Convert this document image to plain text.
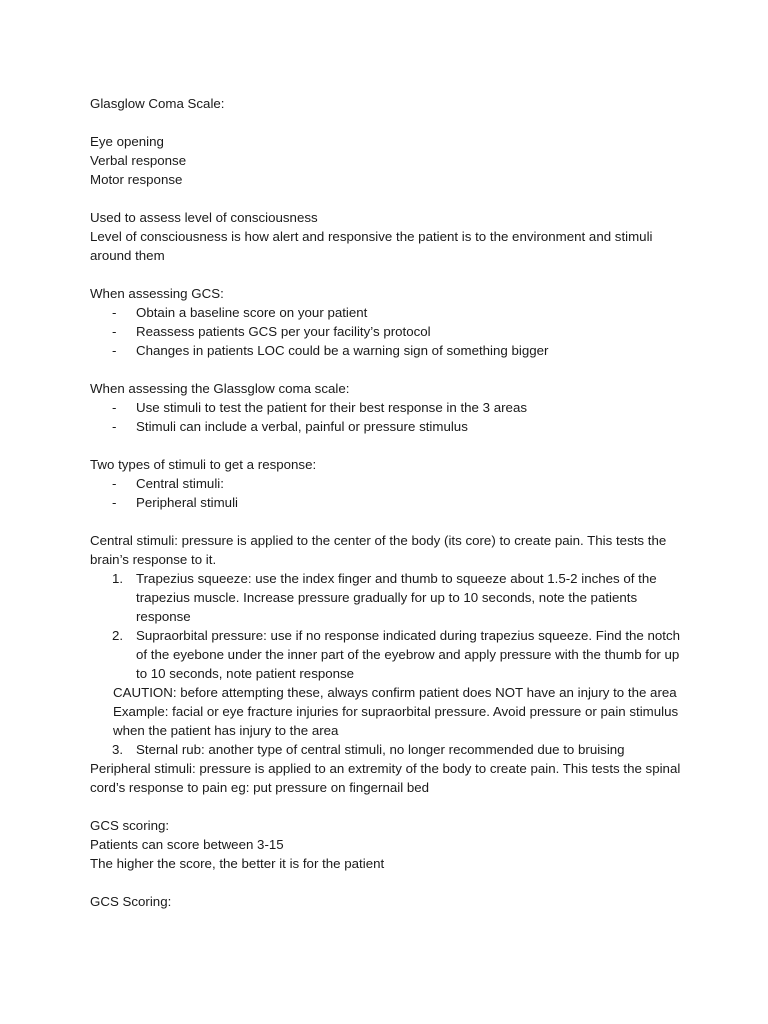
Glasglow Coma Scale:
Eye opening
Verbal response
Motor response
Used to assess level of consciousness
Level of consciousness is how alert and responsive the patient is to the environment and stimuli around them
When assessing GCS:
- Obtain a baseline score on your patient
- Reassess patients GCS per your facility’s protocol
- Changes in patients LOC could be a warning sign of something bigger
When assessing the Glassglow coma scale:
- Use stimuli to test the patient for their best response in the 3 areas
- Stimuli can include a verbal, painful or pressure stimulus
Two types of stimuli to get a response:
- Central stimuli:
- Peripheral stimuli
Central stimuli: pressure is applied to the center of the body (its core) to create pain. This tests the brain’s response to it.
1. Trapezius squeeze: use the index finger and thumb to squeeze about 1.5-2 inches of the trapezius muscle. Increase pressure gradually for up to 10 seconds, note the patients response
2. Supraorbital pressure: use if no response indicated during trapezius squeeze. Find the notch of the eyebone under the inner part of the eyebrow and apply pressure with the thumb for up to 10 seconds, note patient response
CAUTION: before attempting these, always confirm patient does NOT have an injury to the area
Example: facial or eye fracture injuries for supraorbital pressure. Avoid pressure or pain stimulus when the patient has injury to the area
3. Sternal rub: another type of central stimuli, no longer recommended due to bruising
Peripheral stimuli: pressure is applied to an extremity of the body to create pain. This tests the spinal cord’s response to pain eg: put pressure on fingernail bed
GCS scoring:
Patients can score between 3-15
The higher the score, the better it is for the patient
GCS Scoring:
